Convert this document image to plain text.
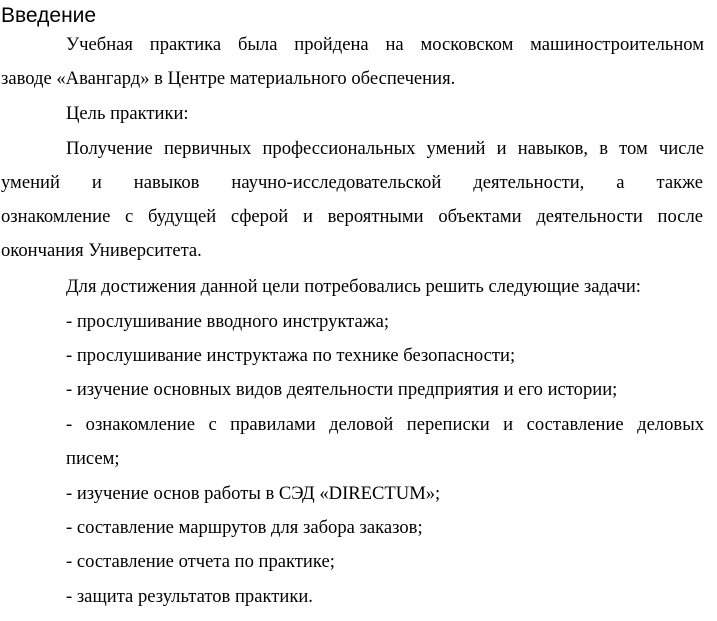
Введение
Учебная практика была пройдена на московском машиностроительном
заводе «Авангард» в Центре материального обеспечения.
Цель практики:
Получение первичных профессиональных умений и навыков, в том числе
умений и навыков научно-исследовательской деятельности, а также
ознакомление с будущей сферой и вероятными объектами деятельности после
окончания Университета.
Для достижения данной цели потребовались решить следующие задачи:
- прослушивание вводного инструктажа;
- прослушивание инструктажа по технике безопасности;
- изучение основных видов деятельности предприятия и его истории;
- ознакомление с правилами деловой переписки и составление деловых
писем;
- изучение основ работы в СЭД «DIRECTUM»;
- составление маршрутов для забора заказов;
- составление отчета по практике;
- защита результатов практики.
